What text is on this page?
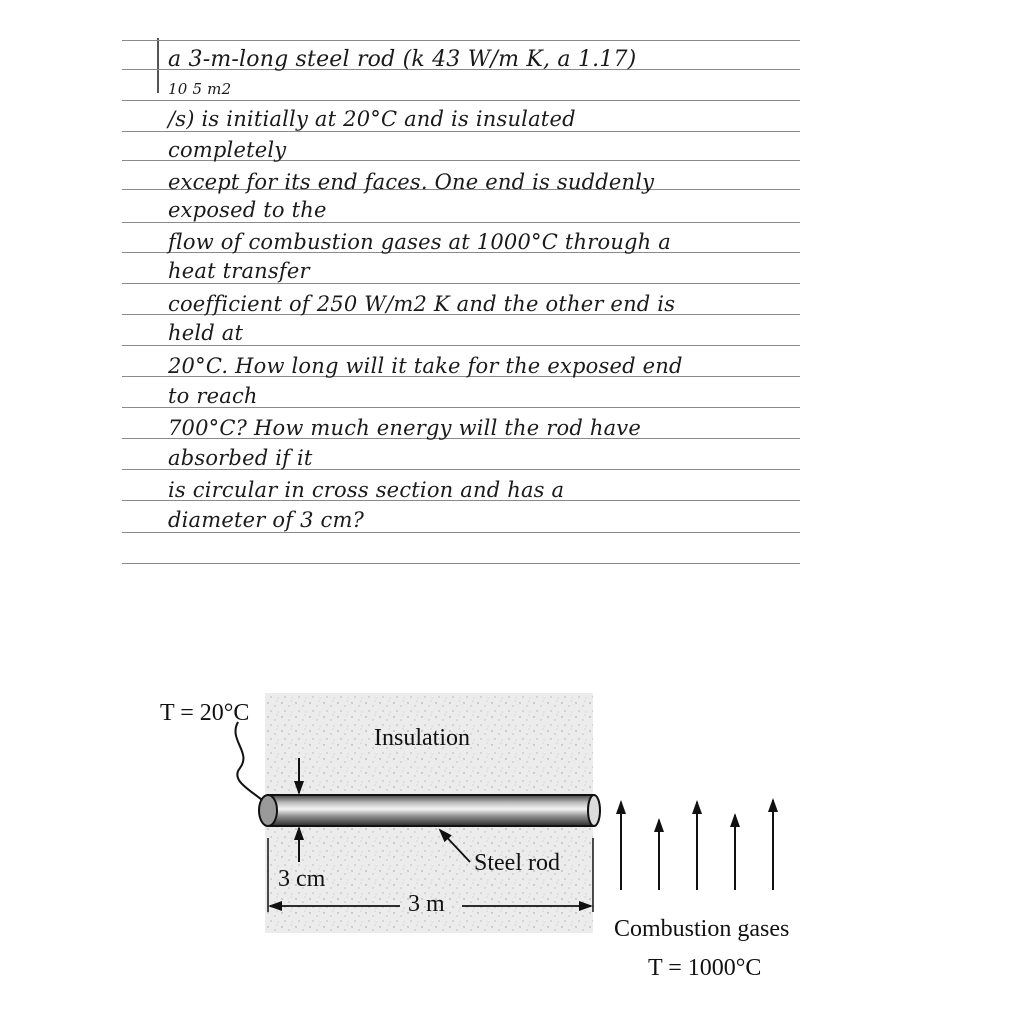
a 3-m-long steel rod (k 43 W/m K, a 1.17)
10 5 m2
/s) is initially at 20°C and is insulated
completely
except for its end faces. One end is suddenly
exposed to the
flow of combustion gases at 1000°C through a
heat transfer
coefficient of 250 W/m2 K and the other end is
held at
20°C. How long will it take for the exposed end
to reach
700°C? How much energy will the rod have
absorbed if it
is circular in cross section and has a
diameter of 3 cm?
T = 20°C
Insulation
Steel rod
3 cm
3 m
Combustion gases
T = 1000°C
